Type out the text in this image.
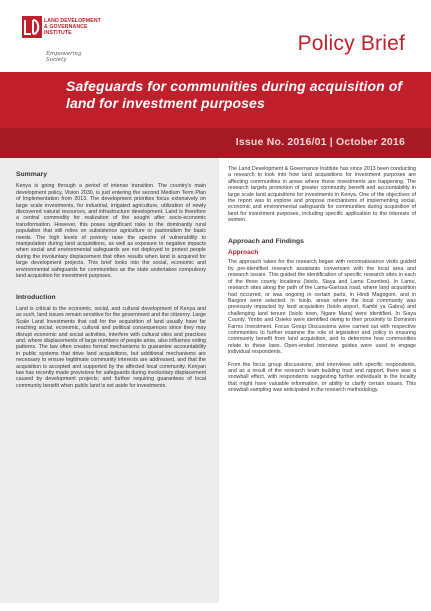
LAND DEVELOPMENT
& GOVERNANCE
INSTITUTE
Empowering Society
Policy Brief
Safeguards for communities during acquisition of land for investment purposes
Issue No. 2016/01 | October 2016
Summary

Kenya is going through a period of intense transition. The country's main development policy, Vision 2030, is just entering the second Medium Term Plan of Implementation from 2013. The development priorities focus extensively on large scale investments, for industrial, irrigated agriculture, utilization of newly discovered natural resources, and infrastructure development. Land is therefore a central commodity for realization of the sought after socio-economic transformation. However, this poses significant risks to the dominantly rural population that still relies on subsistence agriculture or pastoralism for basic needs. The high levels of poverty raise the spectre of vulnerability to manipulation during land acquisitions, as well as exposure to negative impacts when social and environmental safeguards are not deployed to protect people during the involuntary displacement that often results when land is acquired for large development projects. This brief looks into the social, economic and environmental safeguards for communities as the state undertakes compulsory land acquisition for investment purposes.

Introduction

Land is critical to the economic, social, and cultural development of Kenya and as such, land issues remain sensitive for the government and the citizenry. Large Scale Land Investments that call for the acquisition of land usually have far reaching social, economic, cultural and political consequences since they may disrupt economic and social activities, interfere with cultural sites and practices and, where displacements of large numbers of people arise, also influence voting patterns. The law often creates formal mechanisms to guarantee accountability in public systems that drive land acquisitions, but additional mechanisms are necessary to ensure legitimate community interests are addressed, and that the acquisition is accepted and supported by the affected local community. Kenyan law has recently made provisions for safeguards during involuntary displacement caused by development projects; and further requiring guarantees of local community benefit when public land is set aside for investments.

The Land Development & Governance Institute has since 2013 been conducting a research to look into how land acquisitions for investment purposes are affecting communities in areas where these investments are happening. The research targets promotion of greater community benefit and accountability in large scale land acquisitions for investments in Kenya. One of the objectives of the report was to explore and propose mechanisms of implementing social, economic and environmental safeguards for communities during acquisition of land for investment purposes, including specific application to the interests of women.

Approach and Findings
Approach

The approach taken for the research began with reconnaissance visits guided by pre-identified research assistants conversant with the local area and research issues. This guided the identification of specific research sites in each of the three county locations (Isiolo, Siaya and Lamu Counties). In Lamu, research sites along the path of the Lamu-Garissa road, where land acquisition had occurred, or was ongoing in certain parts, in Hindi Magogoni, and in Bargoni were selected. In Isiolo, areas where the local community was previously impacted by land acquisition (Isiolo airport, Kambi ya Gabra) and challenging land tenure (Isiolo town, Ngare Mara) were identified. In Siaya County, Yimbo and Osieko were identified owing to their proximity to Dominion Farms Investment. Focus Group Discussions were carried out with respective communities to further examine the role of legislation and policy in ensuring community benefit from land acquisition, and to determine how communities relate to these laws. Open-ended interview guides were used to engage individual respondents.

From the focus group discussions, and interviews with specific respondents, and as a result of the research team building trust and rapport, there was a snowball effect, with respondents suggesting further individuals in the locality that might have valuable information, or ability to clarify certain issues. This snowball sampling was anticipated in the research methodology.
